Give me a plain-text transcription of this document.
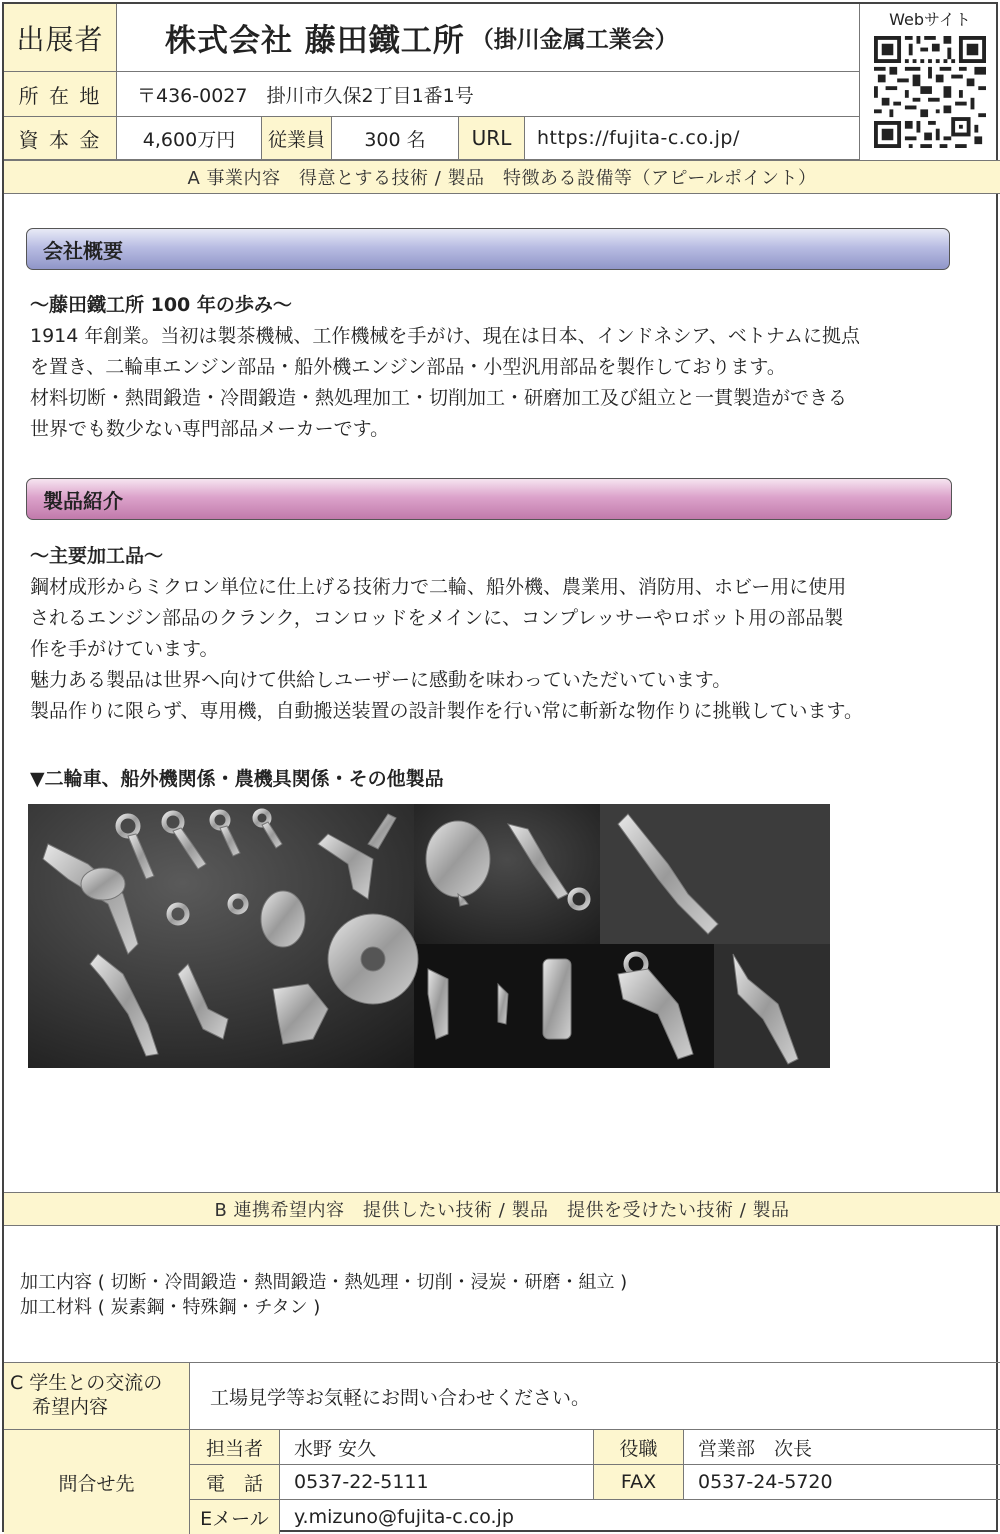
出展者	株式会社 藤田鐵工所 （掛川金属工業会）
所 在 地	〒436-0027　掛川市久保2丁目1番1号
資 本 金	4,600万円	従業員	300 名	URL	https://fujita-c.co.jp/
Webサイト
A 事業内容　得意とする技術 / 製品　特徴ある設備等（アピールポイント）
会社概要

～藤田鐵工所 100 年の歩み～

1914 年創業。当初は製茶機械、工作機械を手がけ、現在は日本、インドネシア、ベトナムに拠点

を置き、二輪車エンジン部品・船外機エンジン部品・小型汎用部品を製作しております。

材料切断・熱間鍛造・冷間鍛造・熱処理加工・切削加工・研磨加工及び組立と一貫製造ができる

世界でも数少ない専門部品メーカーです。

製品紹介

～主要加工品～

鋼材成形からミクロン単位に仕上げる技術力で二輪、船外機、農業用、消防用、ホビー用に使用

されるエンジン部品のクランク，コンロッドをメインに、コンプレッサーやロボット用の部品製

作を手がけています。

魅力ある製品は世界へ向けて供給しユーザーに感動を味わっていただいています。

製品作りに限らず、専用機，自動搬送装置の設計製作を行い常に斬新な物作りに挑戦しています。

▼二輪車、船外機関係・農機具関係・その他製品
B 連携希望内容　提供したい技術 / 製品　提供を受けたい技術 / 製品

加工内容 ( 切断・冷間鍛造・熱間鍛造・熱処理・切削・浸炭・研磨・組立 )

加工材料 ( 炭素鋼・特殊鋼・チタン )

C 学生との交流の

希望内容	工場見学等お気軽にお問い合わせください。
問合せ先
担当者	水野 安久	役職	営業部　次長
電　話	0537-22-5111	FAX	0537-24-5720
Eメール	y.mizuno@fujita-c.co.jp
